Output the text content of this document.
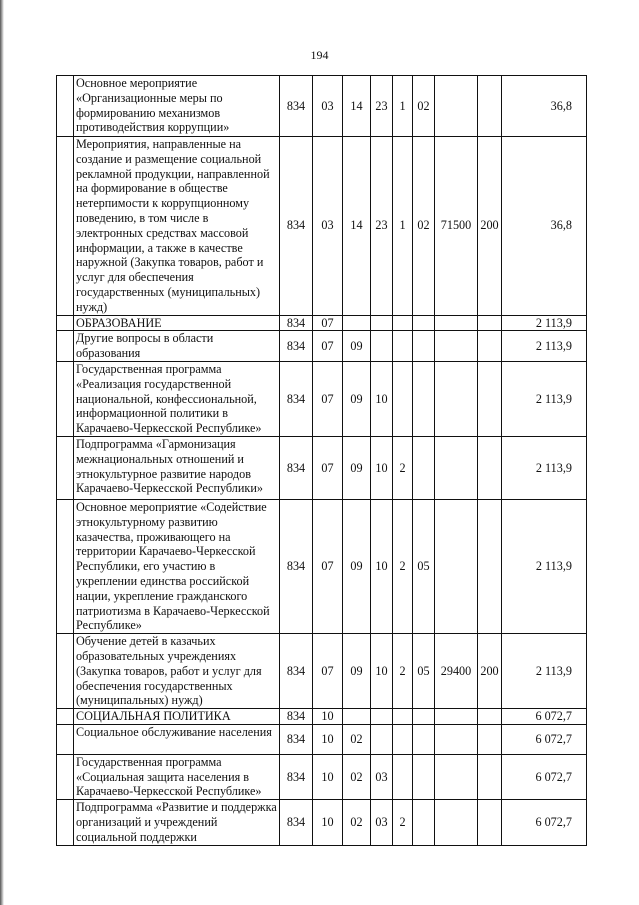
194
	Основное мероприятие «Организационные меры по формированию механизмов противодействия коррупции»	834	03	14	23	1	02			36,8
	Мероприятия, направленные на создание и размещение социальной рекламной продукции, направленной на формирование в обществе нетерпимости к коррупционному поведению, в том числе в электронных средствах массовой информации, а также в качестве наружной (Закупка товаров, работ и услуг для обеспечения государственных (муниципальных) нужд)	834	03	14	23	1	02	71500	200	36,8
	ОБРАЗОВАНИЕ	834	07							2 113,9
	Другие вопросы в области образования	834	07	09						2 113,9
	Государственная программа «Реализация государственной национальной, конфессиональной, информационной политики в Карачаево-Черкесской Республике»	834	07	09	10					2 113,9
	Подпрограмма «Гармонизация межнациональных отношений и этнокультурное развитие народов Карачаево-Черкесской Республики»	834	07	09	10	2				2 113,9
	Основное мероприятие «Содействие этнокультурному развитию казачества, проживающего на территории Карачаево-Черкесской Республики, его участию в укреплении единства российской нации, укрепление гражданского патриотизма в Карачаево-Черкесской Республике»	834	07	09	10	2	05			2 113,9
	Обучение детей в казачьих образовательных учреждениях (Закупка товаров, работ и услуг для обеспечения государственных (муниципальных) нужд)	834	07	09	10	2	05	29400	200	2 113,9
	СОЦИАЛЬНАЯ ПОЛИТИКА	834	10							6 072,7
	Социальное обслуживание населения	834	10	02						6 072,7
	Государственная программа «Социальная защита населения в Карачаево-Черкесской Республике»	834	10	02	03					6 072,7
	Подпрограмма «Развитие и поддержка организаций и учреждений социальной поддержки	834	10	02	03	2				6 072,7
